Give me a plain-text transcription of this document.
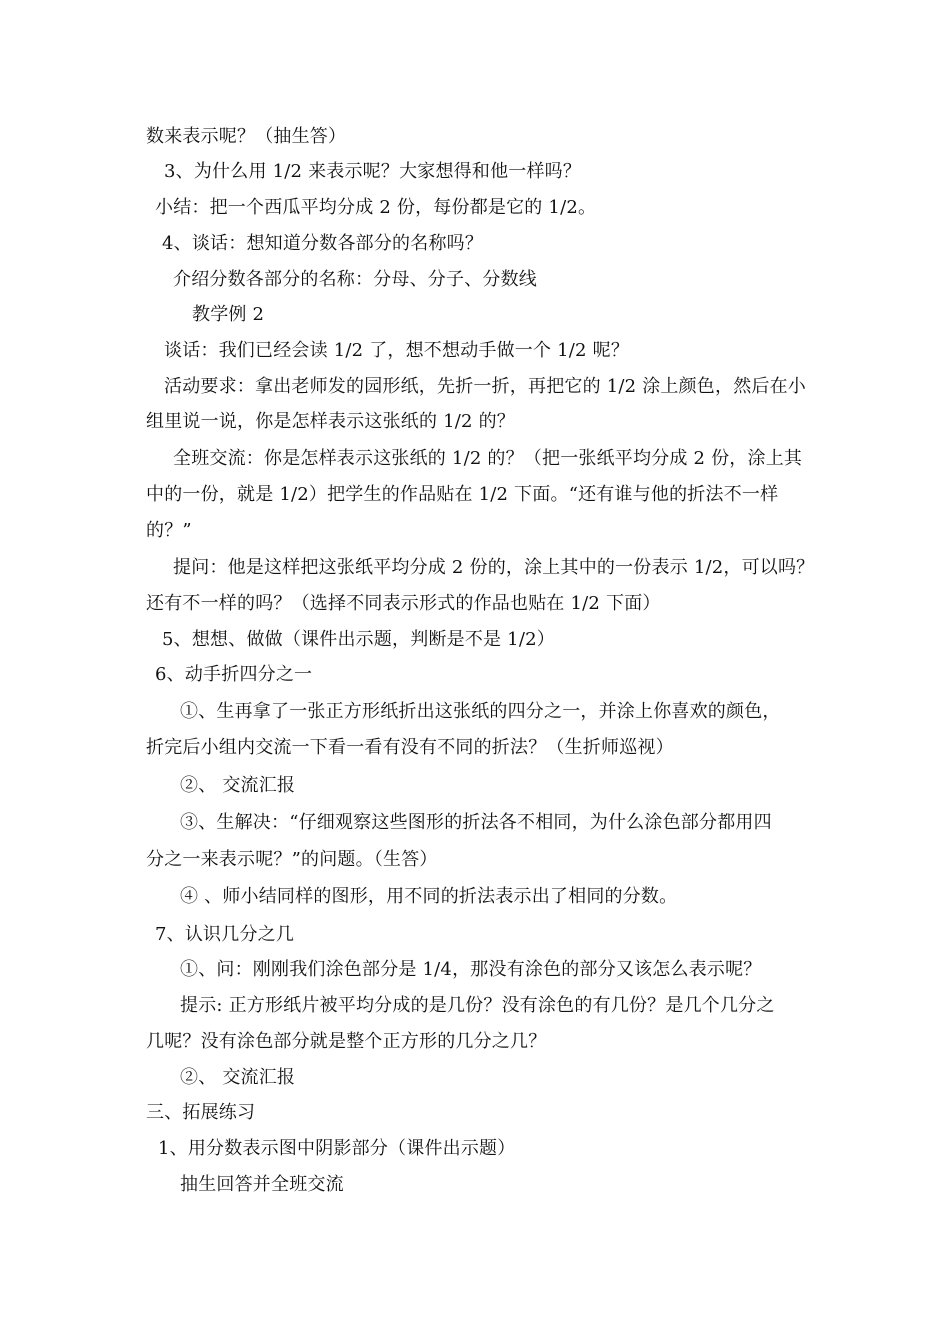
数来表示呢？（抽生答）
3、为什么用 1/2 来表示呢？大家想得和他一样吗？
小结：把一个西瓜平均分成 2 份，每份都是它的 1/2。
4、谈话：想知道分数各部分的名称吗？
介绍分数各部分的名称：分母、分子、分数线
教学例 2
谈话：我们已经会读 1/2 了，想不想动手做一个 1/2 呢？
活动要求：拿出老师发的园形纸，先折一折，再把它的 1/2 涂上颜色，然后在小
组里说一说，你是怎样表示这张纸的 1/2 的？
全班交流：你是怎样表示这张纸的 1/2 的？（把一张纸平均分成 2 份，涂上其
中的一份，就是 1/2）把学生的作品贴在 1/2 下面。“还有谁与他的折法不一样
的？”
提问：他是这样把这张纸平均分成 2 份的，涂上其中的一份表示 1/2，可以吗？
还有不一样的吗？（选择不同表示形式的作品也贴在 1/2 下面）
5、想想、做做（课件出示题，判断是不是 1/2）
6、动手折四分之一
①、生再拿了一张正方形纸折出这张纸的四分之一，并涂上你喜欢的颜色，
折完后小组内交流一下看一看有没有不同的折法？（生折师巡视）
②、 交流汇报
③、生解决：“仔细观察这些图形的折法各不相同，为什么涂色部分都用四
分之一来表示呢？”的问题。（生答）
④ 、师小结同样的图形，用不同的折法表示出了相同的分数。
7、认识几分之几
①、问：刚刚我们涂色部分是 1/4，那没有涂色的部分又该怎么表示呢？
提示: 正方形纸片被平均分成的是几份？没有涂色的有几份？是几个几分之
几呢？没有涂色部分就是整个正方形的几分之几？
②、 交流汇报
三、拓展练习
1、用分数表示图中阴影部分（课件出示题）
抽生回答并全班交流
